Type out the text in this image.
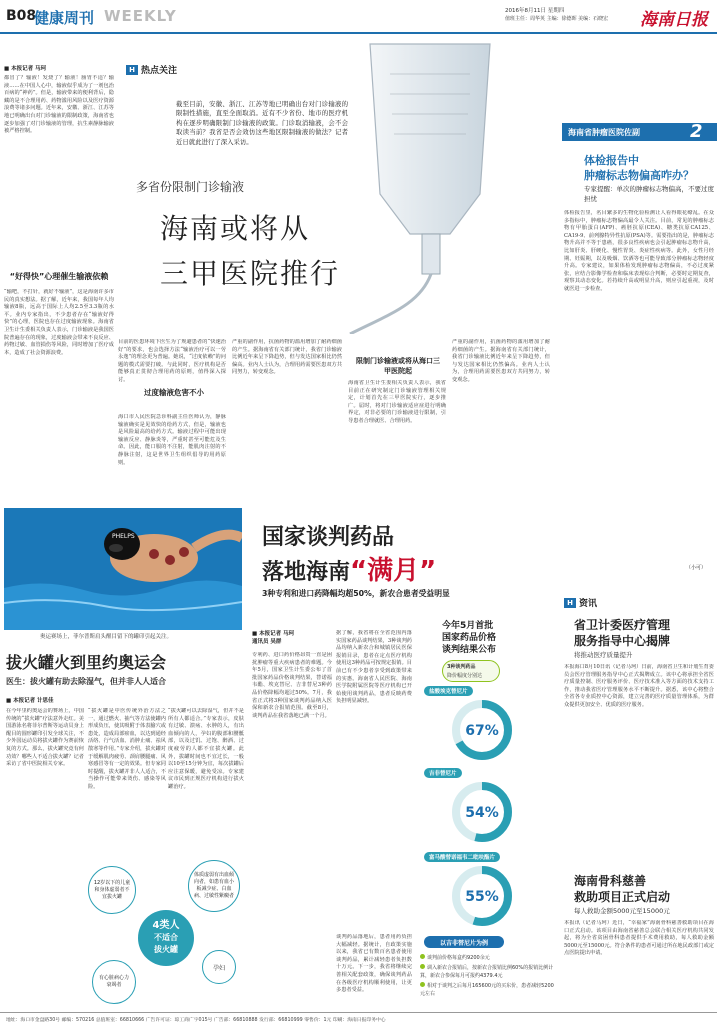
B08
健康周刊 WEEKLY	2016年8月11日 星期四
值班主任：周华英 主编：徐德晖 美编：石晓宏 海南日报
■ 本报记者 马珂
都冒了？输液！发烧了？输液！肠胃不适？输液……在中国人心中，输液似乎成为了一剂包治百病的“神药”。但是，输液带来的便利背后，隐藏的是不合理用药、药物滥用风险以及医疗资源浪费等诸多问题。近年来，安徽、浙江、江苏等地已明确出台对门诊输液的限制政策，海南省也逐步加强了对门诊输液的管理，抗生素静脉输液被严格控制。
“好得快”心理催生输液依赖
“输吧，不打针，就好不输液”，这是海南许多市民的真实想法。据了解，近年来，我国每年人均输液8瓶，远高于国际上人均2.5至3.3瓶的水平。业内专家指出，不少患者存在“输液好得快”的心理，医院也存在过度输液现象。海南省卫生计生委相关负责人表示，门诊输液是我国医院普遍存在的现象，过度输液会带来不良反应、药物过敏、血管损伤等风险，同时增加了医疗成本，造成了社会资源浪费。
H 热点关注
截至目前，安徽、浙江、江苏等地已明确出台对门诊输液的限制性措施，直至全面取消。近有不少省份、地市的医疗机构在逐步明确限制门诊输液的政策。门诊取消输液，会不会取读当前？我省是否会效仿这些地区限制输液的做法？记者近日就此进行了深入采访。
多省份限制门诊输液
海南或将从
三甲医院推行
目前的医患环境下医生为了规避患者的“快速治好”的要求，也会选择方法“输液治疗可以一劳永逸”的理念更为普遍。她说，“过度依赖”的问题的模式需要打破。与此同时，医疗机构是否能够真正贯彻合理用药的原则，值得深入探讨。
过度输液危害不小
海口市人民医院急诊科副主任医师认为，静脉输液确实是见效快的给药方式，但是，输液也是风险最高的给药方式。输液过程中可能出现输液反应、静脉炎等，严重时甚至可能危及生命。因此，能口服的不注射，能肌肉注射的不静脉注射，这是世界卫生组织倡导的用药原则。
严重的副作用，抗菌药物的滥用增加了耐药细菌的产生。据海南省有关部门统计，我省门诊输液比例近年来呈下降趋势，但与发达国家相比仍然偏高。业内人士认为，合理用药需要医患双方共同努力，转变观念。
限制门诊输液或将从海口三甲医院起
海南省卫生计生委相关负责人表示，我省目前正在研究制定门诊输液管理相关规定，计划首先在三甲医院实行，逐步推广。届时，将对门诊输液适应症进行明确界定，对非必要的门诊输液进行限制，引导患者合理就医、合理用药。
严重的副作用，抗菌药物的滥用增加了耐药细菌的产生。据海南省有关部门统计，我省门诊输液比例近年来呈下降趋势，但与发达国家相比仍然偏高。业内人士认为，合理用药需要医患双方共同努力，转变观念。
海南省肿瘤医院佐副	2
体检报告中
肿瘤标志物偏高咋办？
专家提醒：单次的肿瘤标志物偏高，不要过度担忧
体检报告里，名目繁多的生物化验检测让人看得眼花缭乱。在众多指标中，肿瘤标志物偏高最令人关注。目前，常见的肿瘤标志物有甲胎蛋白(AFP)、癌胚抗原(CEA)、糖类抗原CA125、CA19-9、前列腺特异性抗原(PSA)等。需要指出的是，肿瘤标志物升高并不等于患癌，很多良性疾病也会引起肿瘤标志物升高，比如肝炎、肝硬化、慢性胃炎、炎症性疾病等。此外，女性月经期、妊娠期，以及吸烟、饮酒等也可能导致部分肿瘤标志物轻度升高。专家建议，如果体检发现肿瘤标志物偏高，不必过度紧张，应结合影像学检查和临床表现综合判断，必要时定期复查，观察其动态变化。若持续升高或明显升高，则应引起重视，及时就医进一步检查。
（小可）
H 资讯
省卫计委医疗管理
服务指导中心揭牌
将推动医疗质量提升
本报海口8月10日讯（记者马珂）日前，海南省卫生和计划生育委员会医疗管理服务指导中心正式揭牌成立。该中心将承担全省医疗质量控制、医疗服务评价、医疗技术准入等方面的技术支持工作，推动我省医疗管理服务水平不断提升。据悉，该中心将整合全省各专业质控中心资源，建立完善的医疗质量管理体系，为群众提供更加安全、优质的医疗服务。
海南骨科慈善
救助项目正式启动
每人救助金额5000元至15000元
本报讯（记者马珂）近日，“幸福家”海南骨科慈善救助项目在海口正式启动。该项目由海南省慈善总会联合相关医疗机构共同发起，将为全省贫困骨科患者提供手术费用救助，每人救助金额5000元至15000元。符合条件的患者可通过所在地民政部门或定点医院提出申请。
PHELPS
奥运赛场上，菲尔普斯肩头醒目留下的罐印引起关注。
拔火罐火到里约奥运会
医生：拔火罐有助去除湿气，但并非人人适合
■ 本报记者 计思佳
在今年里约奥运会的赛场上，中国传统的“拔火罐”疗法意外走红。美国游泳名将菲尔普斯等运动员身上醒目的圆形罐印引发全球关注，不少外国运动员将拔火罐作为赛前恢复的方式。那么，拔火罐究竟有何功效？哪些人不适合拔火罐？记者采访了省中医院相关专家。
“拔火罐是中医传统外治方法之一，通过燃火、抽气等方法使罐内形成负压，使其吸附于体表腧穴或患处，造成局部瘀血，以达到通经活络、行气活血、消肿止痛、祛风散寒等作用。”专家介绍，拔火罐对于缓解肌肉疲劳、颈肩腰腿痛、风寒感冒等有一定的效果。但专家同时提醒，拔火罐并非人人适合，不当操作可能带来烫伤、感染等风险。
“拔火罐可以去除湿气，但并不是所有人都适合。”专家表示，皮肤有过敏、溃疡、水肿的人，有出血倾向的人，孕妇的腹部和腰骶部，以及过饥、过饱、醉酒、过度疲劳的人都不宜拔火罐。此外，拔罐时间也不宜过长，一般以10至15分钟为宜，每次拔罐后应注意保暖，避免受凉。专家建议市民到正规医疗机构进行拔火罐治疗。
12岁以下的儿童和身体虚弱者不宜拔火罐
体质虚弱有出血倾向者，如患有血小板减少症、白血病、过敏性紫癜者
4类人
不适合
拔火罐
孕妇
有心脏病心力衰竭者
国家谈判药品
落地海南“满月”
3种专利和进口药降幅均超50%，新农合患者受益明显
■ 本报记者 马珂
通讯员 吴群
专利药、进口药价格昂贵一直是困扰肿瘤等重大疾病患者的难题。今年5月，国家卫生计生委公布了首批国家药品价格谈判结果，替诺福韦酯、埃克替尼、吉非替尼3种药品价格降幅均超过50%。7月，我省正式将3种国家谈判药品纳入医保和新农合报销范围。截至8月，谈判药品在我省落地已满一个月。
据了解，我省将在全省范围内落实国家药品谈判结果，3种谈判药品均纳入新农合和城镇居民医保报销目录，患者在定点医疗机构使用这3种药品可按规定报销。目前已有不少患者享受到政策带来的实惠。海南省人民医院、海南医学院附属医院等医疗机构已开始使用谈判药品，患者反映药费负担明显减轻。
谈判药品落地后，患者用药负担大幅减轻。据统计，自政策实施以来，我省已有数百名患者使用谈判药品，累计减轻患者负担数十万元。下一步，我省将继续完善相关配套政策，确保谈判药品在各级医疗机构顺利使用，让更多患者受益。
今年5月首批
国家药品价格
谈判结果公布
3种谈判药品
降价幅度分别达
盐酸埃克替尼片
67%
吉非替尼片
54%
富马酸替诺福韦二吡呋酯片
55%
以吉非替尼片为例
谈判前价格每盒约9200余元
调入新农合报销后，按新农合报销比例60%的报销比例计算，新农合参保每月可报约4379.4元
相对于谈判之后每月165600元的买东价，患者减轻5200元左右
地址：海口市金盘路30号 邮编：570216 总值班室：66810666 广告许可证：琼工商广字015号 广告部：66810888 发行部：66810999 零售价：1元 印刷：海南日报印务中心
